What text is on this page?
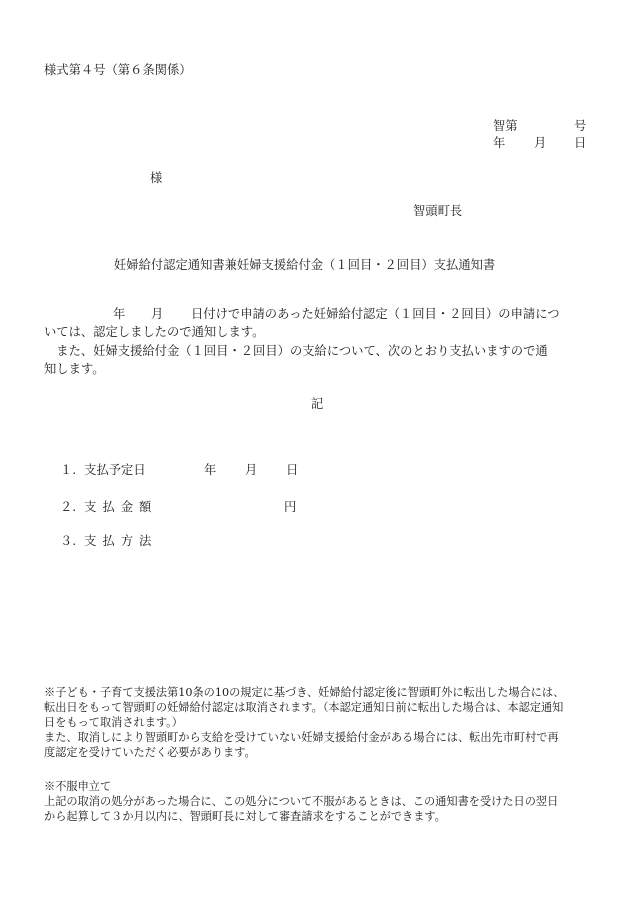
様式第４号（第６条関係）
智第	号
年 月 日
様
智頭町長
妊婦給付認定通知書兼妊婦支援給付金（１回目・２回目）支払通知書
年 月 日付けで申請のあった妊婦給付認定（１回目・２回目）の申請につ
いては、認定しましたので通知します。
　また、妊婦支援給付金（１回目・２回目）の支給について、次のとおり支払いますので通
知します。
記
１. 支払予定日	年 月 日
２. 支払金額	円
３. 支払方法
※子ども・子育て支援法第10条の10の規定に基づき、妊婦給付認定後に智頭町外に転出した場合には、
転出日をもって智頭町の妊婦給付認定は取消されます。（本認定通知日前に転出した場合は、本認定通知
日をもって取消されます。）
また、取消しにより智頭町から支給を受けていない妊婦支援給付金がある場合には、転出先市町村で再
度認定を受けていただく必要があります。
※不服申立て
上記の取消の処分があった場合に、この処分について不服があるときは、この通知書を受けた日の翌日
から起算して３か月以内に、智頭町長に対して審査請求をすることができます。
